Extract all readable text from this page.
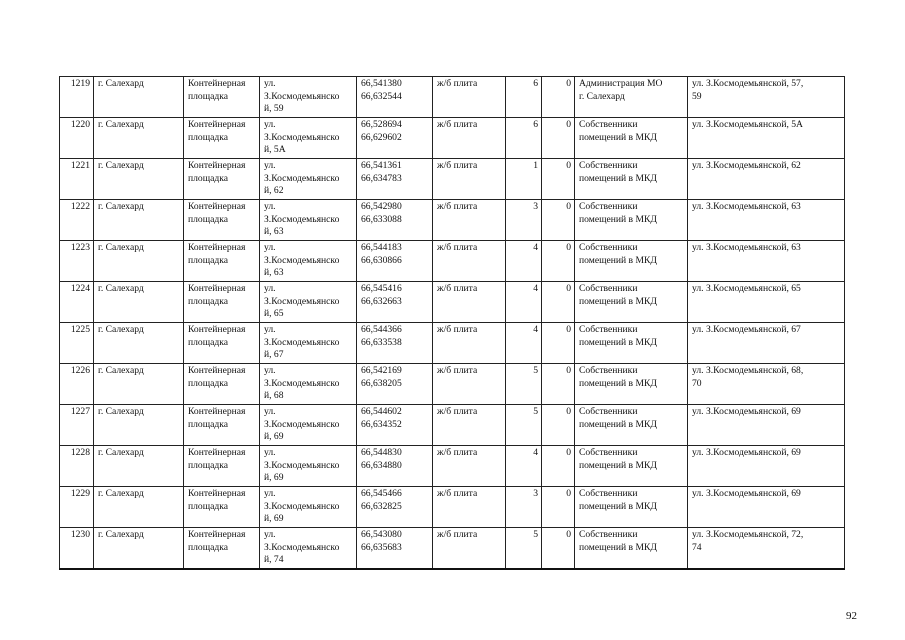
1219	г. Салехард	Контейнерная площадка	ул.
З.Космодемьянско
й, 59	66,541380
66,632544	ж/б плита	6	0	Администрация МО
г. Салехард	ул. З.Космодемьянской, 57,
59

1220	г. Салехард	Контейнерная площадка	ул.
З.Космодемьянско
й, 5А	66,528694
66,629602	ж/б плита	6	0	Собственники
помещений в МКД	ул. З.Космодемьянской, 5А

1221	г. Салехард	Контейнерная площадка	ул.
З.Космодемьянско
й, 62	66,541361
66,634783	ж/б плита	1	0	Собственники
помещений в МКД	ул. З.Космодемьянской, 62

1222	г. Салехард	Контейнерная площадка	ул.
З.Космодемьянско
й, 63	66,542980
66,633088	ж/б плита	3	0	Собственники
помещений в МКД	ул. З.Космодемьянской, 63

1223	г. Салехард	Контейнерная площадка	ул.
З.Космодемьянско
й, 63	66,544183
66,630866	ж/б плита	4	0	Собственники
помещений в МКД	ул. З.Космодемьянской, 63

1224	г. Салехард	Контейнерная площадка	ул.
З.Космодемьянско
й, 65	66,545416
66,632663	ж/б плита	4	0	Собственники
помещений в МКД	ул. З.Космодемьянской, 65

1225	г. Салехард	Контейнерная площадка	ул.
З.Космодемьянско
й, 67	66,544366
66,633538	ж/б плита	4	0	Собственники
помещений в МКД	ул. З.Космодемьянской, 67

1226	г. Салехард	Контейнерная площадка	ул.
З.Космодемьянско
й, 68	66,542169
66,638205	ж/б плита	5	0	Собственники
помещений в МКД	ул. З.Космодемьянской, 68,
70

1227	г. Салехард	Контейнерная площадка	ул.
З.Космодемьянско
й, 69	66,544602
66,634352	ж/б плита	5	0	Собственники
помещений в МКД	ул. З.Космодемьянской, 69

1228	г. Салехард	Контейнерная площадка	ул.
З.Космодемьянско
й, 69	66,544830
66,634880	ж/б плита	4	0	Собственники
помещений в МКД	ул. З.Космодемьянской, 69

1229	г. Салехард	Контейнерная площадка	ул.
З.Космодемьянско
й, 69	66,545466
66,632825	ж/б плита	3	0	Собственники
помещений в МКД	ул. З.Космодемьянской, 69

1230	г. Салехард	Контейнерная площадка	ул.
З.Космодемьянско
й, 74	66,543080
66,635683	ж/б плита	5	0	Собственники
помещений в МКД	ул. З.Космодемьянской, 72,
74
92
